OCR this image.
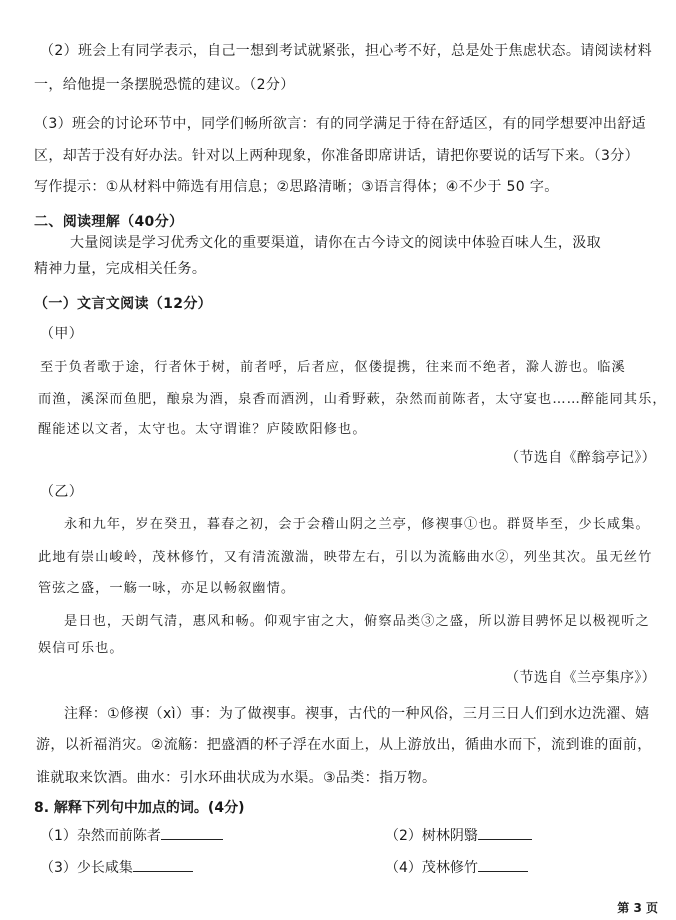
（2）班会上有同学表示，自己一想到考试就紧张，担心考不好，总是处于焦虑状态。请阅读材料
一，给他提一条摆脱恐慌的建议。（2分）
（3）班会的讨论环节中，同学们畅所欲言：有的同学满足于待在舒适区，有的同学想要冲出舒适
区，却苦于没有好办法。针对以上两种现象，你准备即席讲话，请把你要说的话写下来。（3分）
写作提示：①从材料中筛选有用信息；②思路清晰；③语言得体；④不少于 50 字。
二、阅读理解（40分）
大量阅读是学习优秀文化的重要渠道，请你在古今诗文的阅读中体验百味人生，汲取
精神力量，完成相关任务。
（一）文言文阅读（12分）
（甲）
至于负者歌于途，行者休于树，前者呼，后者应，伛偻提携，往来而不绝者，滁人游也。临溪
而渔，溪深而鱼肥，酿泉为酒，泉香而酒洌，山肴野蔌，杂然而前陈者，太守宴也……醉能同其乐，
醒能述以文者，太守也。太守谓谁？庐陵欧阳修也。
（节选自《醉翁亭记》）
（乙）
永和九年，岁在癸丑，暮春之初，会于会稽山阴之兰亭，修禊事①也。群贤毕至，少长咸集。
此地有崇山峻岭，茂林修竹，又有清流激湍，映带左右，引以为流觞曲水②，列坐其次。虽无丝竹
管弦之盛，一觞一咏，亦足以畅叙幽情。
是日也，天朗气清，惠风和畅。仰观宇宙之大，俯察品类③之盛，所以游目骋怀足以极视听之
娱信可乐也。
（节选自《兰亭集序》）
注释：①修禊（xì）事：为了做禊事。禊事，古代的一种风俗，三月三日人们到水边洗濯、嬉
游，以祈福消灾。②流觞：把盛酒的杯子浮在水面上，从上游放出，循曲水而下，流到谁的面前，
谁就取来饮酒。曲水：引水环曲状成为水渠。③品类：指万物。
8. 解释下列句中加点的词。(4分)
（1）杂然而前陈者	（2）树林阴翳
（3）少长咸集	（4）茂林修竹
第 3 页
